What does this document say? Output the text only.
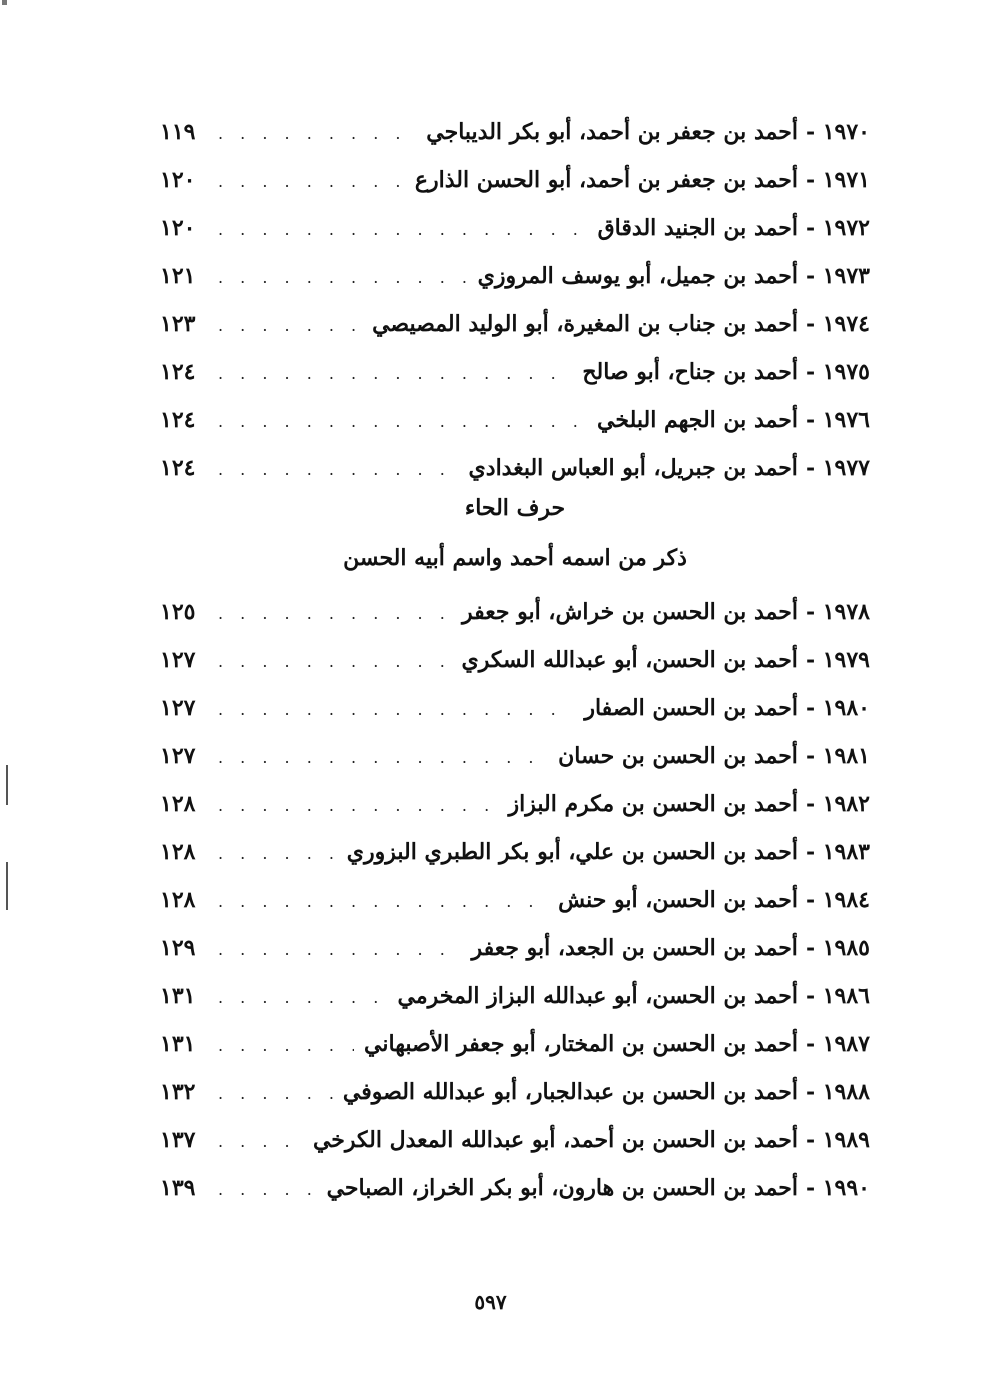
١٩٧٠ -
أحمد بن جعفر بن أحمد، أبو بكر الديباجي
. . .
١١٩
١٩٧١ -
أحمد بن جعفر بن أحمد، أبو الحسن الذارع
. . .
١٢٠
١٩٧٢ -
أحمد بن الجنيد الدقاق
. . .
١٢٠
١٩٧٣ -
أحمد بن جميل، أبو يوسف المروزي
. . .
١٢١
١٩٧٤ -
أحمد بن جناب بن المغيرة، أبو الوليد المصيصي
. . .
١٢٣
١٩٧٥ -
أحمد بن جناح، أبو صالح
. . .
١٢٤
١٩٧٦ -
أحمد بن الجهم البلخي
. . .
١٢٤
١٩٧٧ -
أحمد بن جبريل، أبو العباس البغدادي
. . .
١٢٤
حرف الحاء
ذكر من اسمه أحمد واسم أبيه الحسن
١٩٧٨ -
أحمد بن الحسن بن خراش، أبو جعفر
. . .
١٢٥
١٩٧٩ -
أحمد بن الحسن، أبو عبدالله السكري
. . .
١٢٧
١٩٨٠ -
أحمد بن الحسن الصفار
. . .
١٢٧
١٩٨١ -
أحمد بن الحسن بن حسان
. . .
١٢٧
١٩٨٢ -
أحمد بن الحسن بن مكرم البزاز
. . .
١٢٨
١٩٨٣ -
أحمد بن الحسن بن علي، أبو بكر الطبري البزوري
. . .
١٢٨
١٩٨٤ -
أحمد بن الحسن، أبو حنش
. . .
١٢٨
١٩٨٥ -
أحمد بن الحسن بن الجعد، أبو جعفر
. . .
١٢٩
١٩٨٦ -
أحمد بن الحسن، أبو عبدالله البزاز المخرمي
. . .
١٣١
١٩٨٧ -
أحمد بن الحسن بن المختار، أبو جعفر الأصبهاني
. . .
١٣١
١٩٨٨ -
أحمد بن الحسن بن عبدالجبار، أبو عبدالله الصوفي
. . .
١٣٢
١٩٨٩ -
أحمد بن الحسن بن أحمد، أبو عبدالله المعدل الكرخي
. . .
١٣٧
١٩٩٠ -
أحمد بن الحسن بن هارون، أبو بكر الخراز، الصباحي
. . .
١٣٩
٥٩٧
